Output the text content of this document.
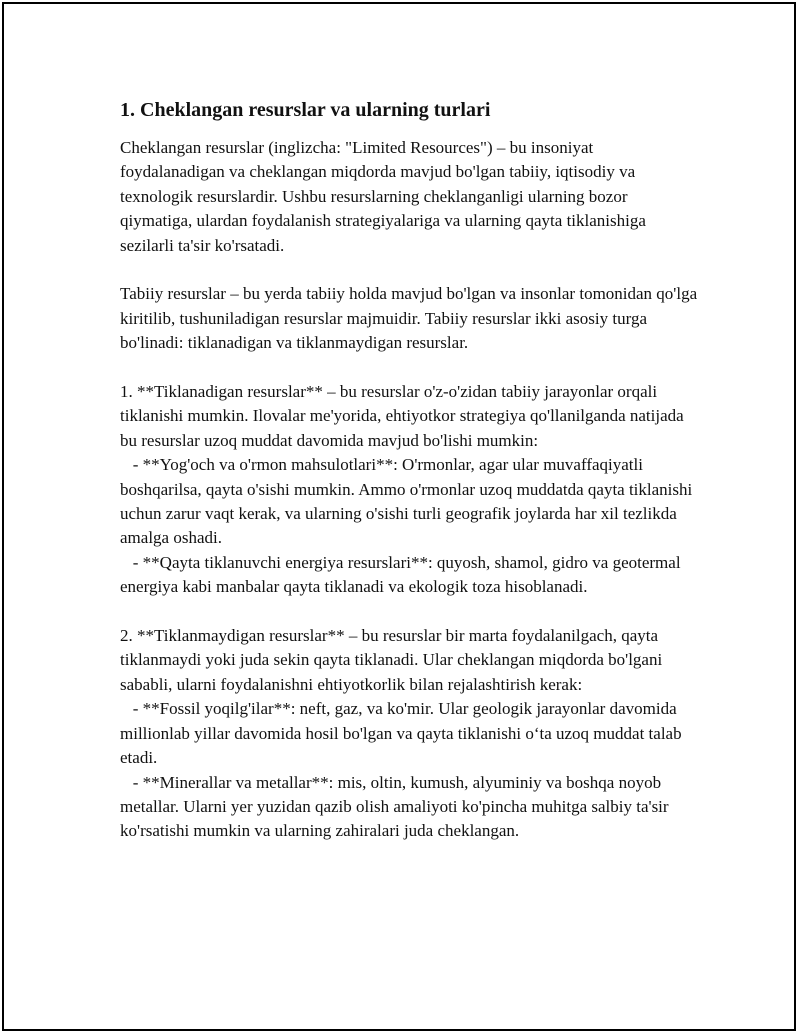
1. Cheklangan resurslar va ularning turlari

Cheklangan resurslar (inglizcha: "Limited Resources") – bu insoniyat foydalanadigan va cheklangan miqdorda mavjud bo'lgan tabiiy, iqtisodiy va texnologik resurslardir. Ushbu resurslarning cheklanganligi ularning bozor qiymatiga, ulardan foydalanish strategiyalariga va ularning qayta tiklanishiga sezilarli ta'sir ko'rsatadi.

Tabiiy resurslar – bu yerda tabiiy holda mavjud bo'lgan va insonlar tomonidan qo'lga kiritilib, tushuniladigan resurslar majmuidir. Tabiiy resurslar ikki asosiy turga bo'linadi: tiklanadigan va tiklanmaydigan resurslar.

1. **Tiklanadigan resurslar** – bu resurslar o'z-o'zidan tabiiy jarayonlar orqali tiklanishi mumkin. Ilovalar me'yorida, ehtiyotkor strategiya qo'llanilganda natijada bu resurslar uzoq muddat davomida mavjud bo'lishi mumkin:

- **Yog'och va o'rmon mahsulotlari**: O'rmonlar, agar ular muvaffaqiyatli boshqarilsa, qayta o'sishi mumkin. Ammo o'rmonlar uzoq muddatda qayta tiklanishi uchun zarur vaqt kerak, va ularning o'sishi turli geografik joylarda har xil tezlikda amalga oshadi.

- **Qayta tiklanuvchi energiya resurslari**: quyosh, shamol, gidro va geotermal energiya kabi manbalar qayta tiklanadi va ekologik toza hisoblanadi.

2. **Tiklanmaydigan resurslar** – bu resurslar bir marta foydalanilgach, qayta tiklanmaydi yoki juda sekin qayta tiklanadi. Ular cheklangan miqdorda bo'lgani sababli, ularni foydalanishni ehtiyotkorlik bilan rejalashtirish kerak:

- **Fossil yoqilg'ilar**: neft, gaz, va ko'mir. Ular geologik jarayonlar davomida millionlab yillar davomida hosil bo'lgan va qayta tiklanishi o‘ta uzoq muddat talab etadi.

- **Minerallar va metallar**: mis, oltin, kumush, alyuminiy va boshqa noyob metallar. Ularni yer yuzidan qazib olish amaliyoti ko'pincha muhitga salbiy ta'sir ko'rsatishi mumkin va ularning zahiralari juda cheklangan.
